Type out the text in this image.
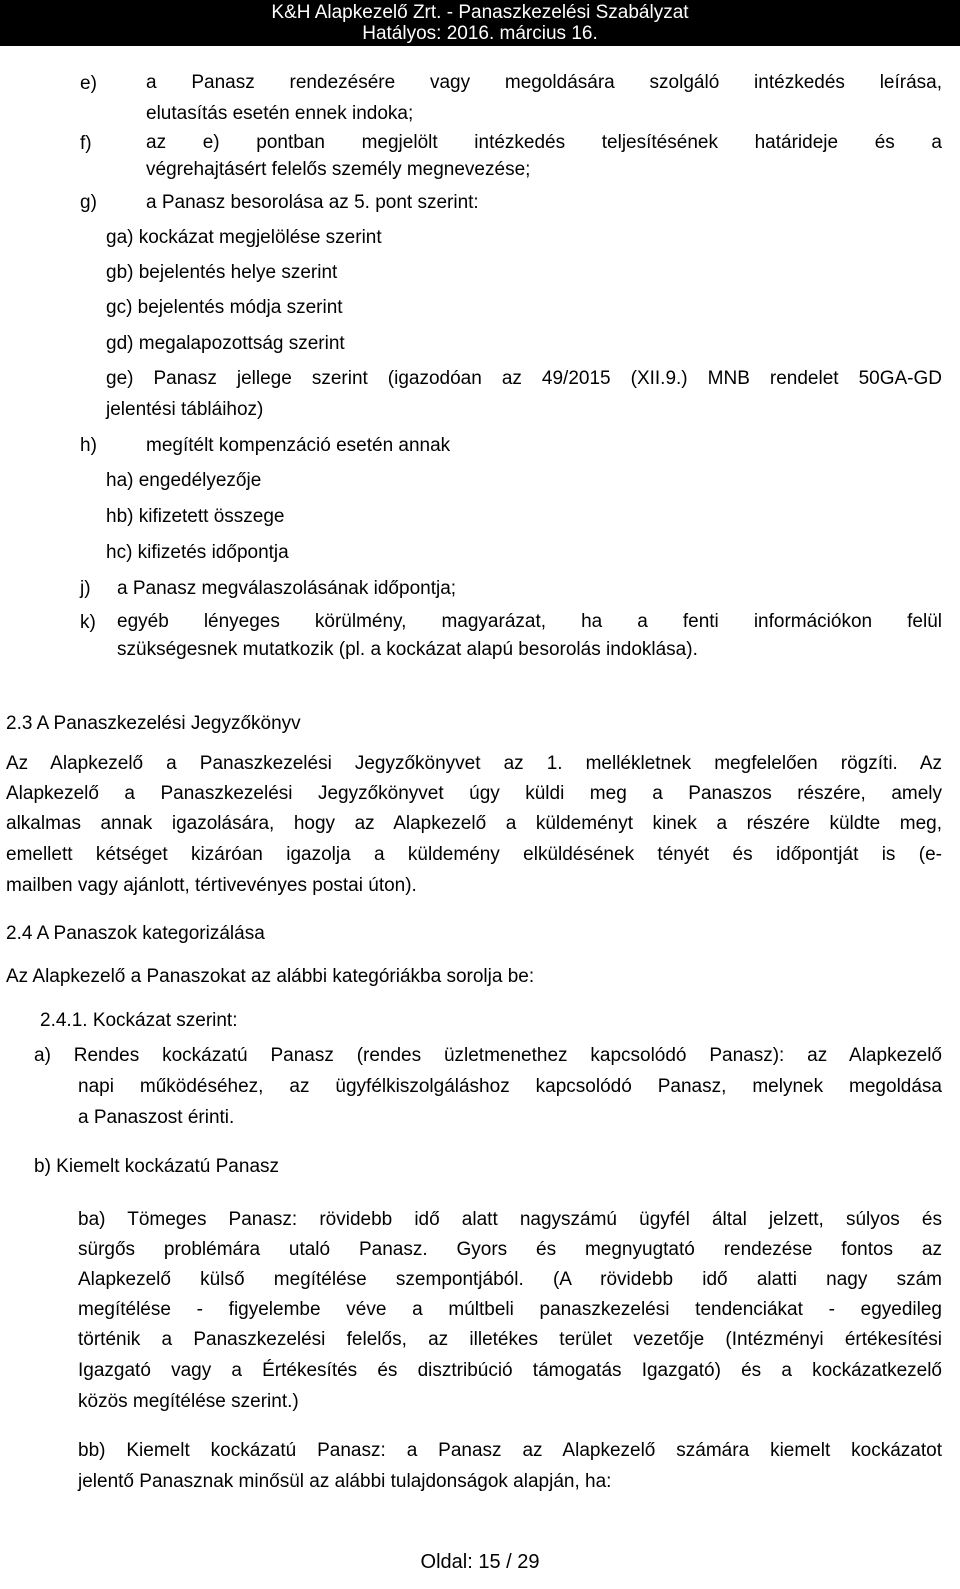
K&H Alapkezelő Zrt. - Panaszkezelési Szabályzat
Hatályos: 2016. március 16.
e)	a Panasz rendezésére vagy megoldására szolgáló intézkedés leírása,
elutasítás esetén ennek indoka;
f)	az e) pontban megjelölt intézkedés teljesítésének határideje és a
végrehajtásért felelős személy megnevezése;
g)	a Panasz besorolása az 5. pont szerint:
ga) kockázat megjelölése szerint
gb) bejelentés helye szerint
gc) bejelentés módja szerint
gd) megalapozottság szerint
ge) Panasz jellege szerint (igazodóan az 49/2015 (XII.9.) MNB rendelet 50GA-GD
jelentési tábláihoz)
h)	megítélt kompenzáció esetén annak
ha) engedélyezője
hb) kifizetett összege
hc) kifizetés időpontja
j) a Panasz megválaszolásának időpontja;
k) egyéb lényeges körülmény, magyarázat, ha a fenti információkon felül
szükségesnek mutatkozik (pl. a kockázat alapú besorolás indoklása).
2.3 A Panaszkezelési Jegyzőkönyv
Az Alapkezelő a Panaszkezelési Jegyzőkönyvet az 1. mellékletnek megfelelően rögzíti. Az
Alapkezelő a Panaszkezelési Jegyzőkönyvet úgy küldi meg a Panaszos részére, amely
alkalmas annak igazolására, hogy az Alapkezelő a küldeményt kinek a részére küldte meg,
emellett kétséget kizáróan igazolja a küldemény elküldésének tényét és időpontját is (e-
mailben vagy ajánlott, tértivevényes postai úton).
2.4 A Panaszok kategorizálása
Az Alapkezelő a Panaszokat az alábbi kategóriákba sorolja be:
2.4.1. Kockázat szerint:
a) Rendes kockázatú Panasz (rendes üzletmenethez kapcsolódó Panasz): az Alapkezelő
napi működéséhez, az ügyfélkiszolgáláshoz kapcsolódó Panasz, melynek megoldása
a Panaszost érinti.
b) Kiemelt kockázatú Panasz
ba) Tömeges Panasz: rövidebb idő alatt nagyszámú ügyfél által jelzett, súlyos és
sürgős problémára utaló Panasz. Gyors és megnyugtató rendezése fontos az
Alapkezelő külső megítélése szempontjából. (A rövidebb idő alatti nagy szám
megítélése - figyelembe véve a múltbeli panaszkezelési tendenciákat - egyedileg
történik a Panaszkezelési felelős, az illetékes terület vezetője (Intézményi értékesítési
Igazgató vagy a Értékesítés és disztribúció támogatás Igazgató) és a kockázatkezelő
közös megítélése szerint.)
bb) Kiemelt kockázatú Panasz: a Panasz az Alapkezelő számára kiemelt kockázatot
jelentő Panasznak minősül az alábbi tulajdonságok alapján, ha:
Oldal: 15 / 29
